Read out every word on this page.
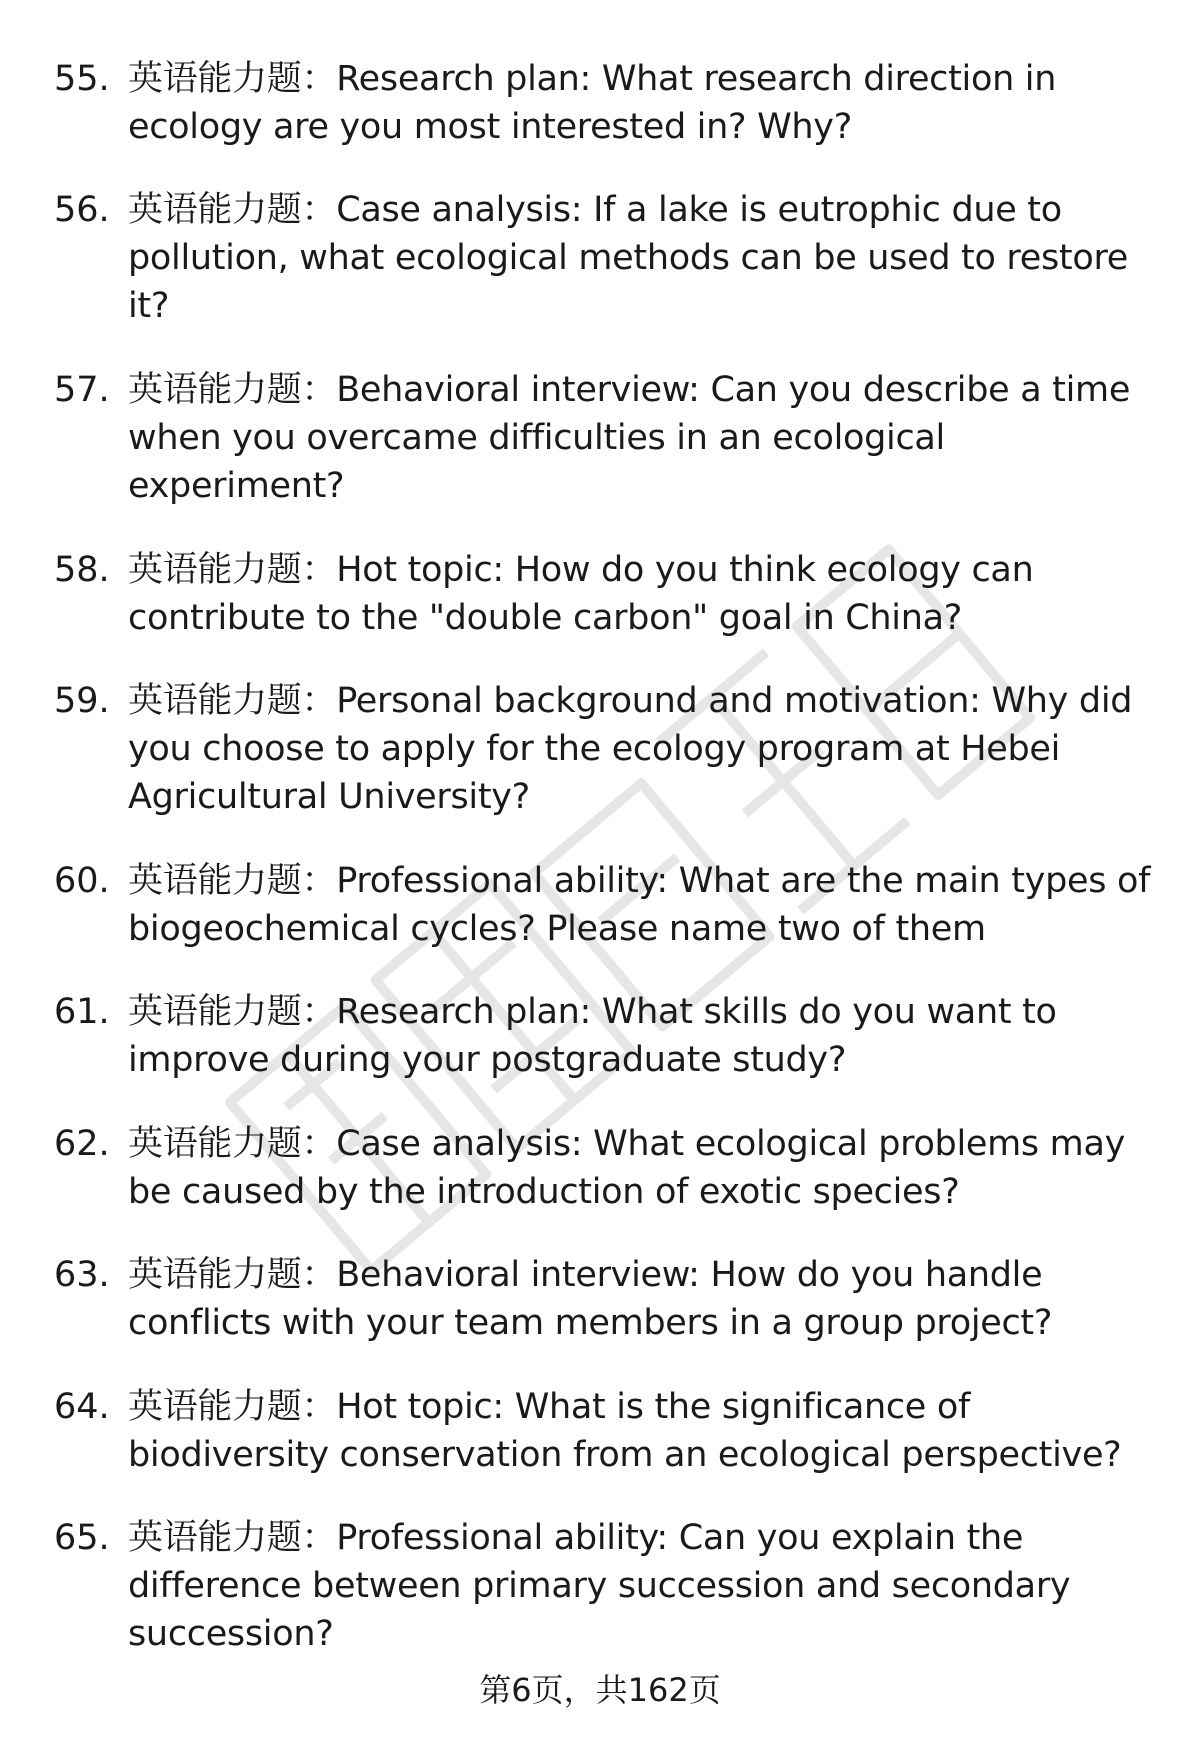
55. 英语能力题：Research plan: What research direction in ecology are you most interested in? Why?
56. 英语能力题：Case analysis: If a lake is eutrophic due to pollution, what ecological methods can be used to restore it?
57. 英语能力题：Behavioral interview: Can you describe a time when you overcame difficulties in an ecological experiment?
58. 英语能力题：Hot topic: How do you think ecology can contribute to the "double carbon" goal in China?
59. 英语能力题：Personal background and motivation: Why did you choose to apply for the ecology program at Hebei Agricultural University?
60. 英语能力题：Professional ability: What are the main types of biogeochemical cycles? Please name two of them
61. 英语能力题：Research plan: What skills do you want to improve during your postgraduate study?
62. 英语能力题：Case analysis: What ecological problems may be caused by the introduction of exotic species?
63. 英语能力题：Behavioral interview: How do you handle conflicts with your team members in a group project?
64. 英语能力题：Hot topic: What is the significance of biodiversity conservation from an ecological perspective?
65. 英语能力题：Professional ability: Can you explain the difference between primary succession and secondary succession?
第6页，共162页
